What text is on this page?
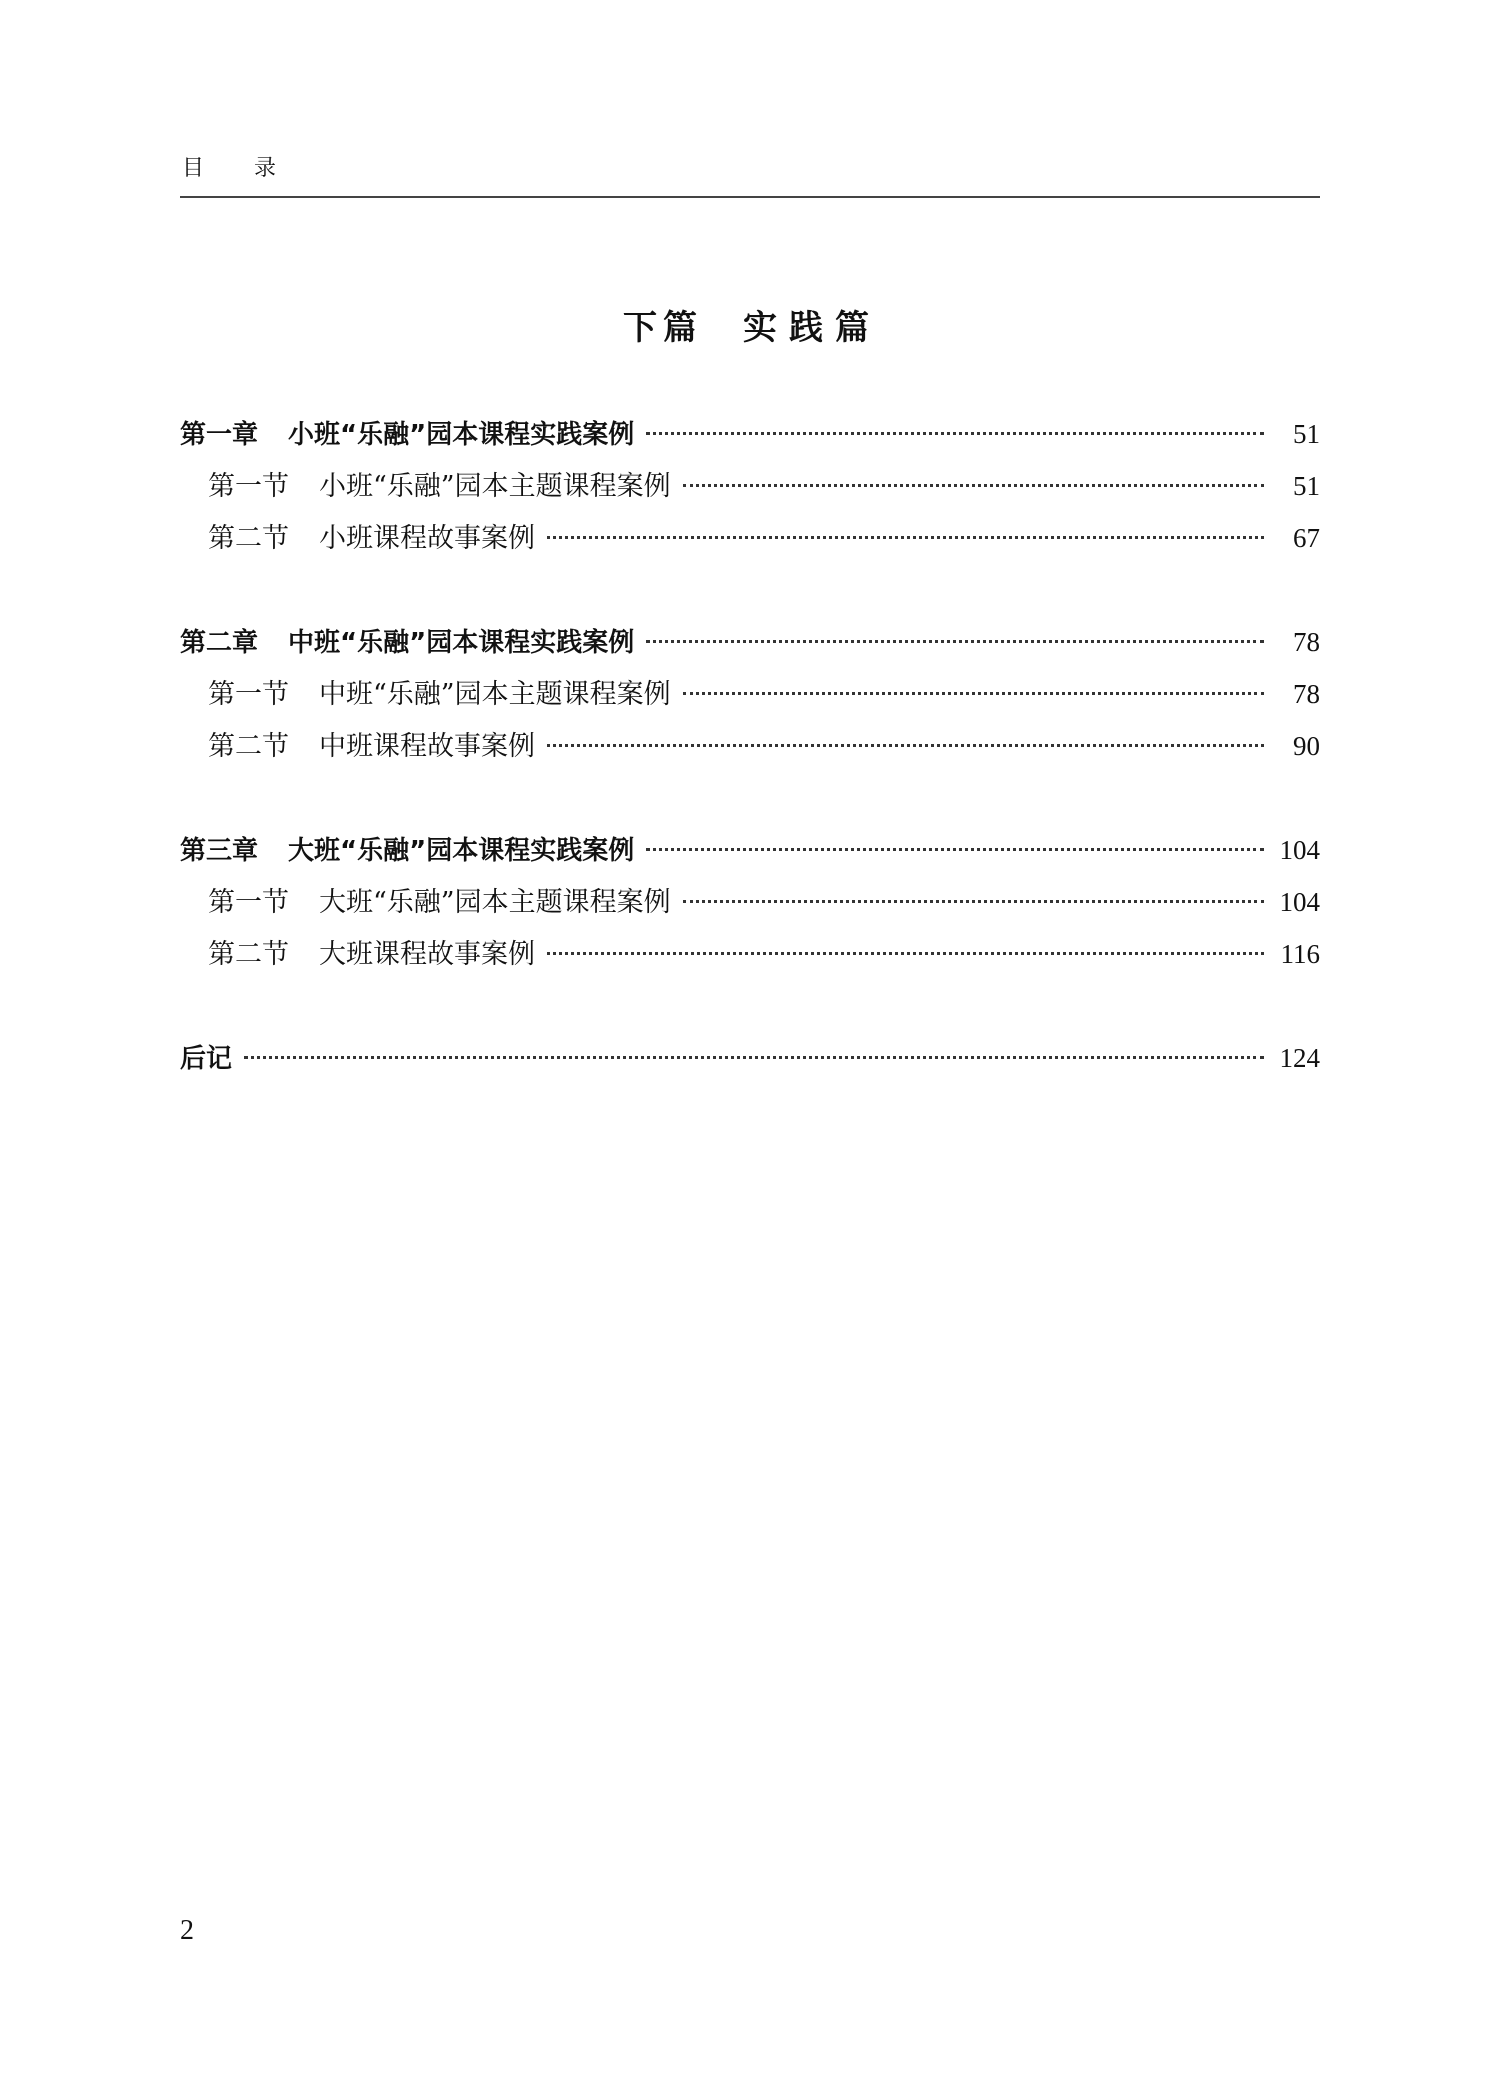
目录
下篇 实践篇
第一章 小班“乐融”园本课程实践案例	51
第一节 小班“乐融”园本主题课程案例	51
第二节 小班课程故事案例	67
第二章 中班“乐融”园本课程实践案例	78
第一节 中班“乐融”园本主题课程案例	78
第二节 中班课程故事案例	90
第三章 大班“乐融”园本课程实践案例	104
第一节 大班“乐融”园本主题课程案例	104
第二节 大班课程故事案例	116
后记	124
2
